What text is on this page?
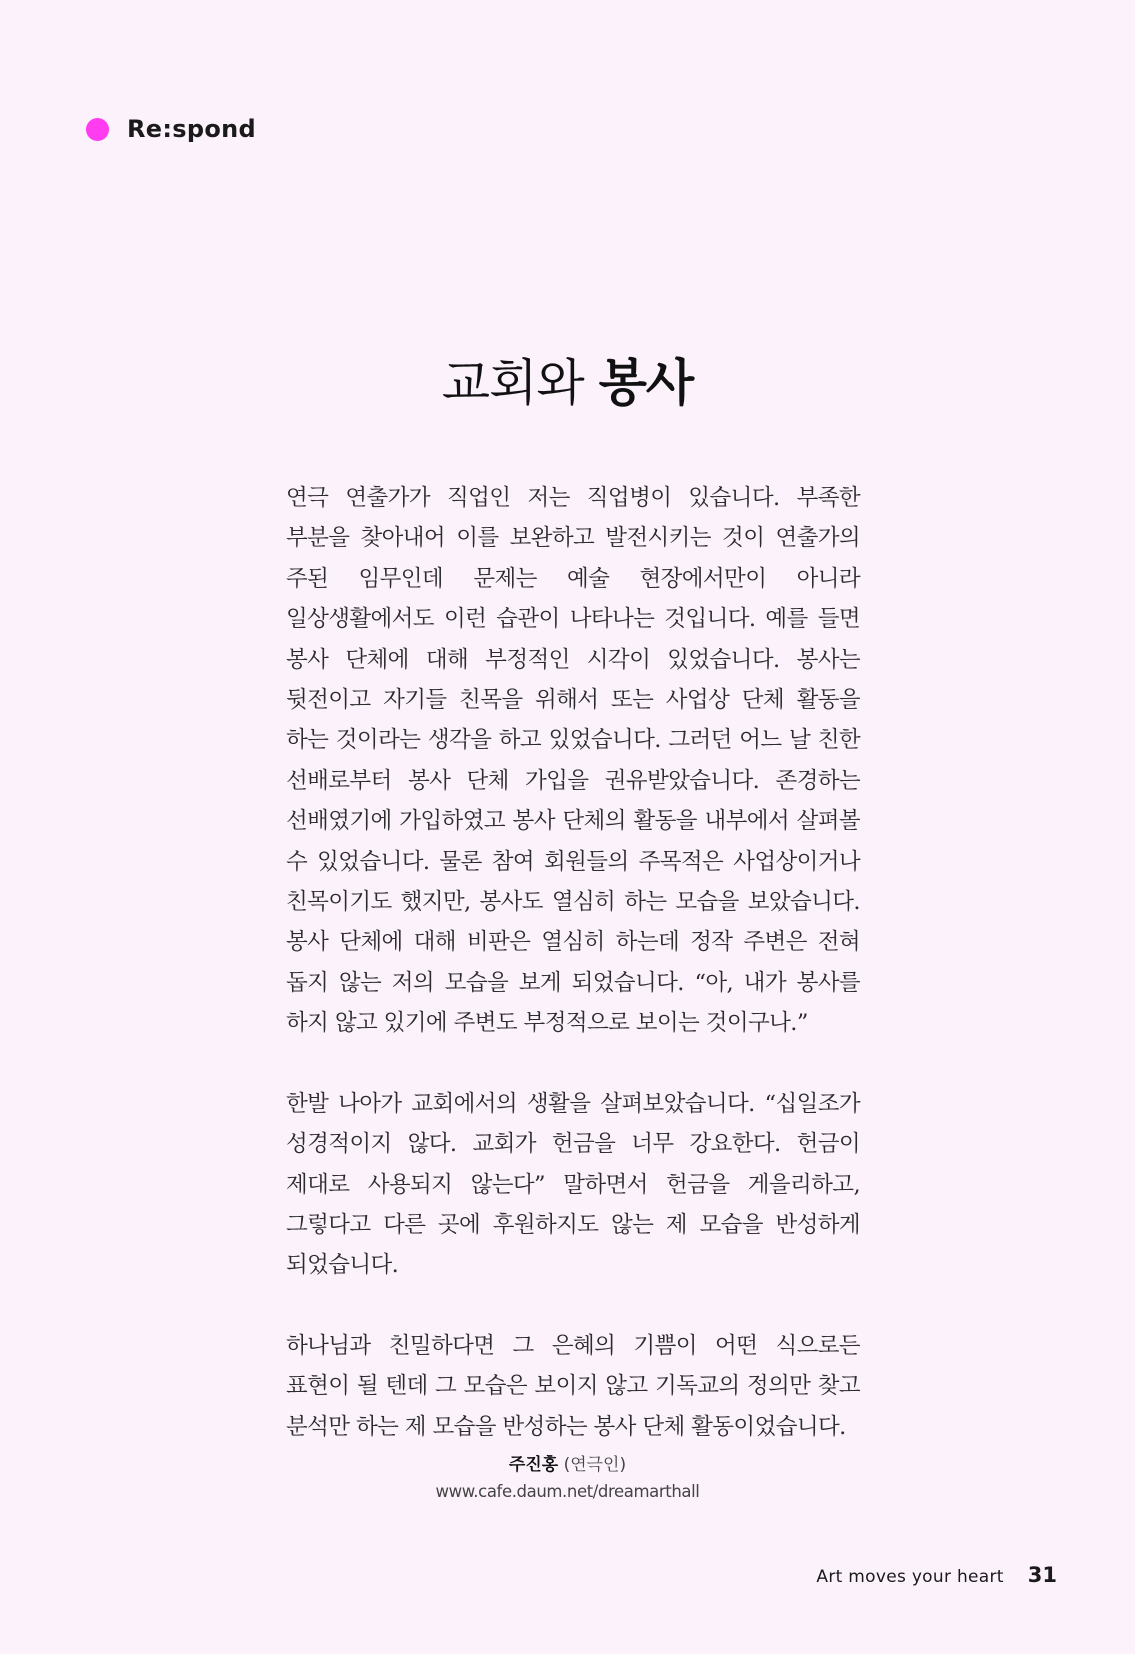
Re:spond
교회와 봉사

연극 연출가가 직업인 저는 직업병이 있습니다. 부족한 부분을 찾아내어 이를 보완하고 발전시키는 것이 연출가의 주된 임무인데 문제는 예술 현장에서만이 아니라 일상생활에서도 이런 습관이 나타나는 것입니다. 예를 들면 봉사 단체에 대해 부정적인 시각이 있었습니다. 봉사는 뒷전이고 자기들 친목을 위해서 또는 사업상 단체 활동을 하는 것이라는 생각을 하고 있었습니다. 그러던 어느 날 친한 선배로부터 봉사 단체 가입을 권유받았습니다. 존경하는 선배였기에 가입하였고 봉사 단체의 활동을 내부에서 살펴볼 수 있었습니다. 물론 참여 회원들의 주목적은 사업상이거나 친목이기도 했지만, 봉사도 열심히 하는 모습을 보았습니다. 봉사 단체에 대해 비판은 열심히 하는데 정작 주변은 전혀 돕지 않는 저의 모습을 보게 되었습니다. “아, 내가 봉사를 하지 않고 있기에 주변도 부정적으로 보이는 것이구나.”

한발 나아가 교회에서의 생활을 살펴보았습니다. “십일조가 성경적이지 않다. 교회가 헌금을 너무 강요한다. 헌금이 제대로 사용되지 않는다” 말하면서 헌금을 게을리하고, 그렇다고 다른 곳에 후원하지도 않는 제 모습을 반성하게 되었습니다.

하나님과 친밀하다면 그 은혜의 기쁨이 어떤 식으로든 표현이 될 텐데 그 모습은 보이지 않고 기독교의 정의만 찾고 분석만 하는 제 모습을 반성하는 봉사 단체 활동이었습니다.

주진홍 (연극인)
www.cafe.daum.net/dreamarthall
Art moves your heart 31
